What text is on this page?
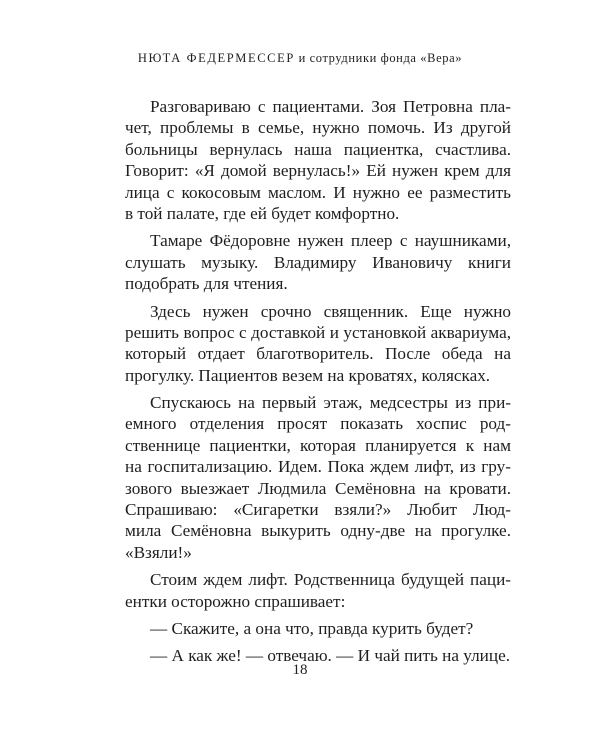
НЮТА ФЕДЕРМЕССЕР и сотрудники фонда «Вера»
Разговариваю с пациентами. Зоя Петровна пла-
чет, проблемы в семье, нужно помочь. Из другой
больницы вернулась наша пациентка, счастлива.
Говорит: «Я домой вернулась!» Ей нужен крем для
лица с кокосовым маслом. И нужно ее разместить
в той палате, где ей будет комфортно.
Тамаре Фёдоровне нужен плеер с наушниками,
слушать музыку. Владимиру Ивановичу книги
подобрать для чтения.
Здесь нужен срочно священник. Еще нужно
решить вопрос с доставкой и установкой аквариума,
который отдает благотворитель. После обеда на
прогулку. Пациентов везем на кроватях, колясках.
Спускаюсь на первый этаж, медсестры из при-
емного отделения просят показать хоспис род-
ственнице пациентки, которая планируется к нам
на госпитализацию. Идем. Пока ждем лифт, из гру-
зового выезжает Людмила Семёновна на кровати.
Спрашиваю: «Сигаретки взяли?» Любит Люд-
мила Семёновна выкурить одну-две на прогулке.
«Взяли!»
Стоим ждем лифт. Родственница будущей паци-
ентки осторожно спрашивает:
— Скажите, а она что, правда курить будет?
— А как же! — отвечаю. — И чай пить на улице.
18
